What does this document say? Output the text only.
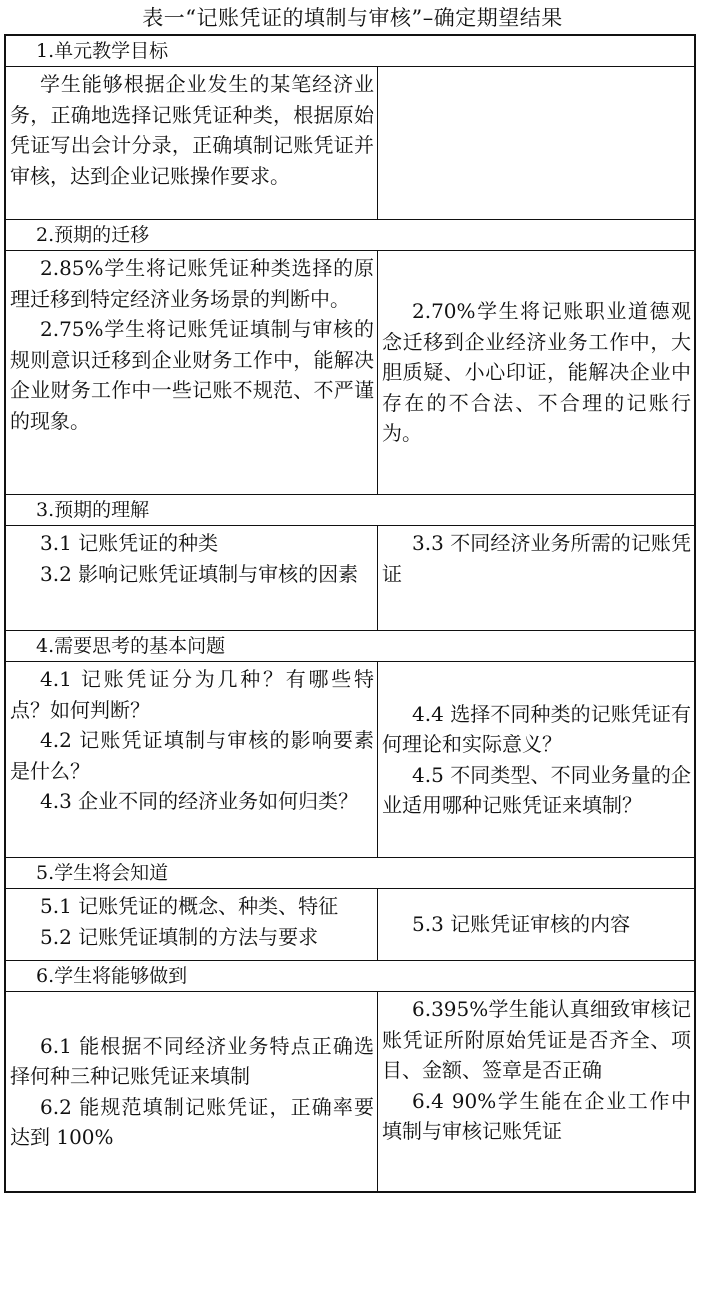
表一“记账凭证的填制与审核”–确定期望结果
1.单元教学目标
学生能够根据企业发生的某笔经济业务，正确地选择记账凭证种类，根据原始凭证写出会计分录，正确填制记账凭证并审核，达到企业记账操作要求。
2.预期的迁移
2.85%学生将记账凭证种类选择的原理迁移到特定经济业务场景的判断中。
2.75%学生将记账凭证填制与审核的规则意识迁移到企业财务工作中，能解决企业财务工作中一些记账不规范、不严谨的现象。
2.70%学生将记账职业道德观念迁移到企业经济业务工作中，大胆质疑、小心印证，能解决企业中存在的不合法、不合理的记账行为。
3.预期的理解
3.1 记账凭证的种类
3.2 影响记账凭证填制与审核的因素
3.3 不同经济业务所需的记账凭证
4.需要思考的基本问题
4.1 记账凭证分为几种？有哪些特点？如何判断？
4.2 记账凭证填制与审核的影响要素是什么？
4.3 企业不同的经济业务如何归类？
4.4 选择不同种类的记账凭证有何理论和实际意义？
4.5 不同类型、不同业务量的企业适用哪种记账凭证来填制？
5.学生将会知道
5.1 记账凭证的概念、种类、特征
5.2 记账凭证填制的方法与要求
5.3 记账凭证审核的内容
6.学生将能够做到
6.1 能根据不同经济业务特点正确选择何种三种记账凭证来填制
6.2 能规范填制记账凭证，正确率要达到 100%
6.395%学生能认真细致审核记账凭证所附原始凭证是否齐全、项目、金额、签章是否正确
6.4 90%学生能在企业工作中填制与审核记账凭证
